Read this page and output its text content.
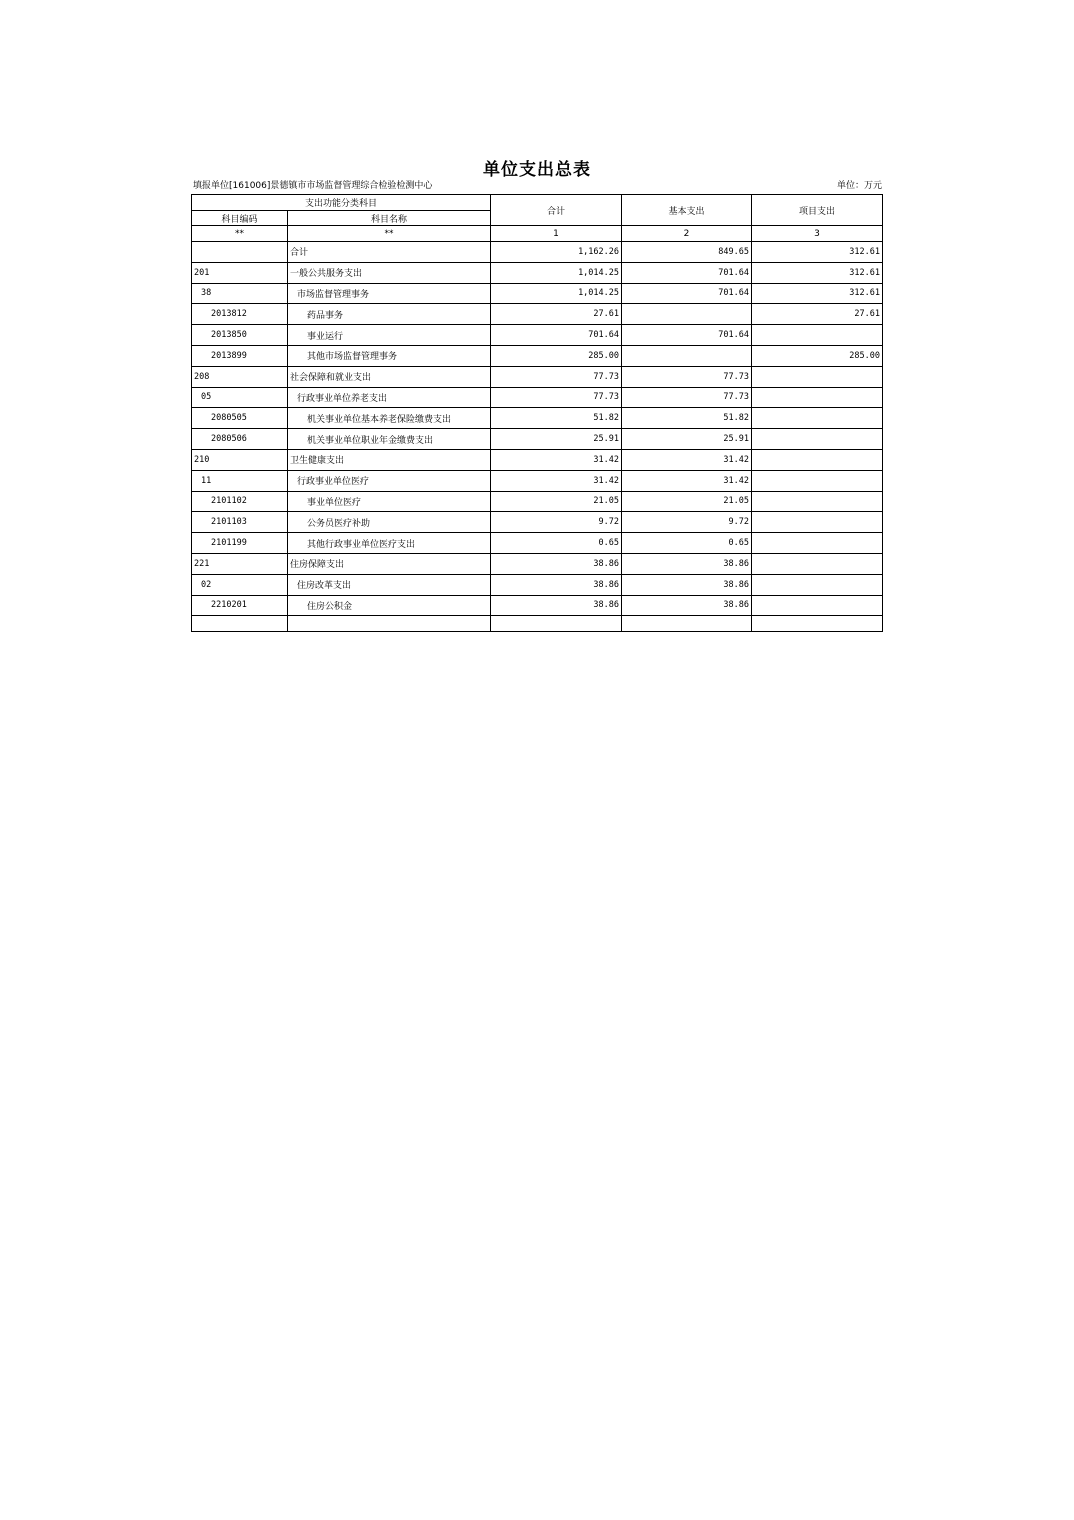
单位支出总表
填报单位[161006]景德镇市市场监督管理综合检验检测中心	单位：万元
支出功能分类科目		合计	基本支出	项目支出
科目编码	科目名称			
**	**	1	2	3
	合计	1,162.26	849.65	312.61
201	一般公共服务支出	1,014.25	701.64	312.61
38	市场监督管理事务	1,014.25	701.64	312.61
2013812	药品事务	27.61		27.61
2013850	事业运行	701.64	701.64	
2013899	其他市场监督管理事务	285.00		285.00
208	社会保障和就业支出	77.73	77.73	
05	行政事业单位养老支出	77.73	77.73	
2080505	机关事业单位基本养老保险缴费支出	51.82	51.82	
2080506	机关事业单位职业年金缴费支出	25.91	25.91	
210	卫生健康支出	31.42	31.42	
11	行政事业单位医疗	31.42	31.42	
2101102	事业单位医疗	21.05	21.05	
2101103	公务员医疗补助	9.72	9.72	
2101199	其他行政事业单位医疗支出	0.65	0.65	
221	住房保障支出	38.86	38.86	
02	住房改革支出	38.86	38.86	
2210201	住房公积金	38.86	38.86	
